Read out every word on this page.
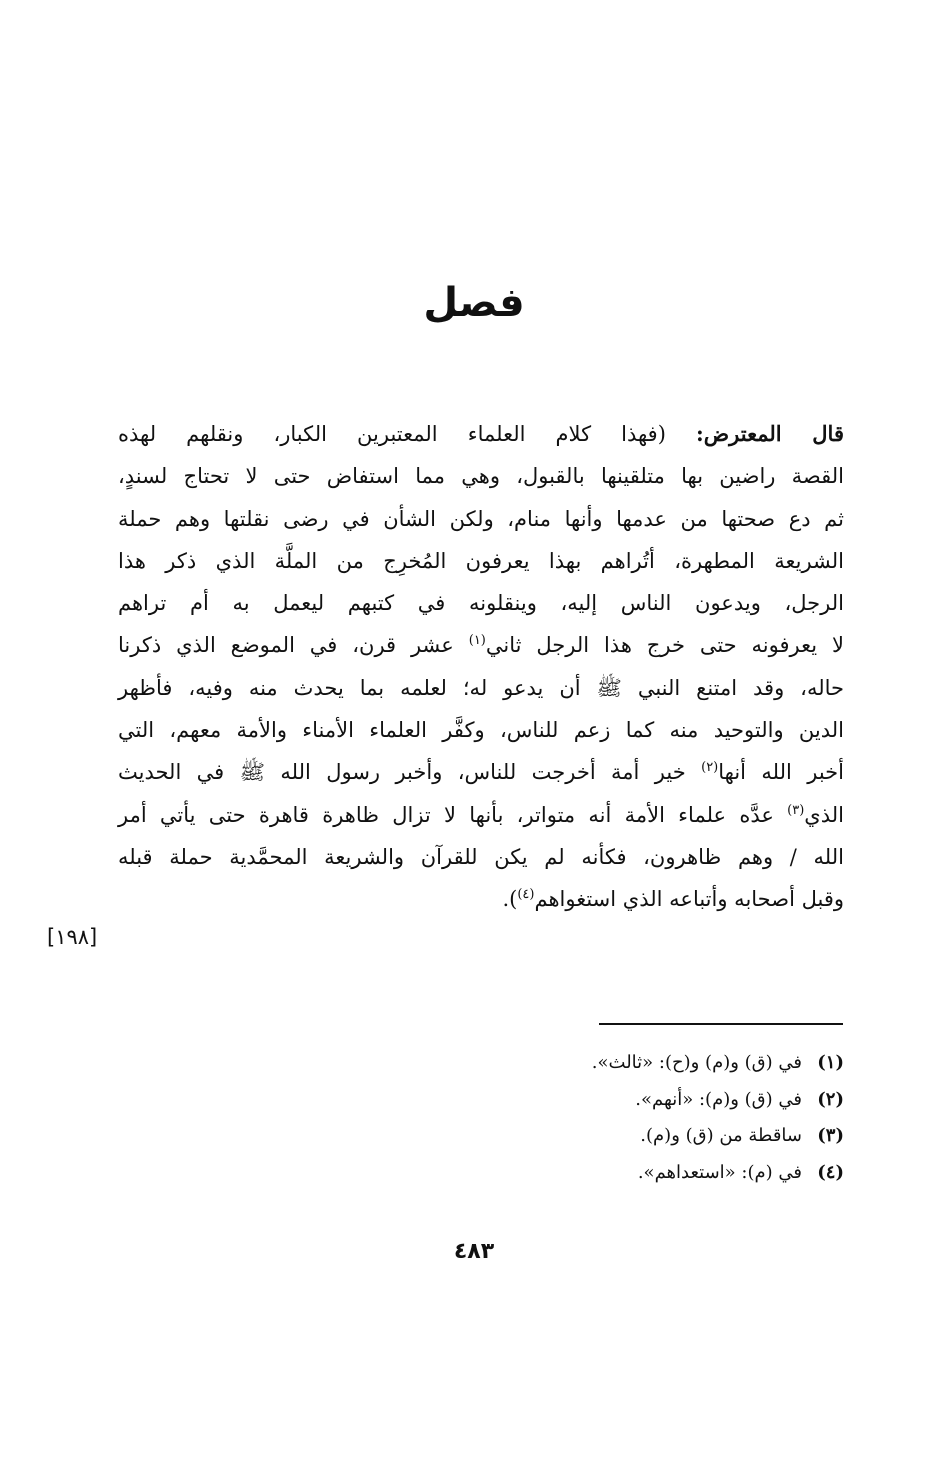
فصل
قال المعترض: (فهذا كلام العلماء المعتبرين الكبار، ونقلهم لهذه
القصة راضين بها متلقينها بالقبول، وهي مما استفاض حتى لا تحتاج لسندٍ،
ثم دع صحتها من عدمها وأنها منام، ولكن الشأن في رضى نقلتها وهم حملة
الشريعة المطهرة، أتُراهم بهذا يعرفون المُخرِج من الملَّة الذي ذكر هذا
الرجل، ويدعون الناس إليه، وينقلونه في كتبهم ليعمل به أم تراهم
لا يعرفونه حتى خرج هذا الرجل ثاني$^{(١)}$ عشر قرن، في الموضع الذي ذكرنا
حاله، وقد امتنع النبي ﷺ أن يدعو له؛ لعلمه بما يحدث منه وفيه، فأظهر
الدين والتوحيد منه كما زعم للناس، وكفَّر العلماء الأمناء والأمة معهم، التي
أخبر الله أنها$^{(٢)}$ خير أمة أخرجت للناس، وأخبر رسول الله ﷺ في الحديث
الذي$^{(٣)}$ عدَّه علماء الأمة أنه متواتر، بأنها لا تزال ظاهرة قاهرة حتى يأتي أمر
الله / وهم ظاهرون، فكأنه لم يكن للقرآن والشريعة المحمَّدية حملة قبله
وقبل أصحابه وأتباعه الذي استغواهم$^{(٤)}$).
[١٩٨]
(١)في (ق) و(م) و(ح): «ثالث».
(٢)في (ق) و(م): «أنهم».
(٣)ساقطة من (ق) و(م).
(٤)في (م): «استعداهم».
٤٨٣
